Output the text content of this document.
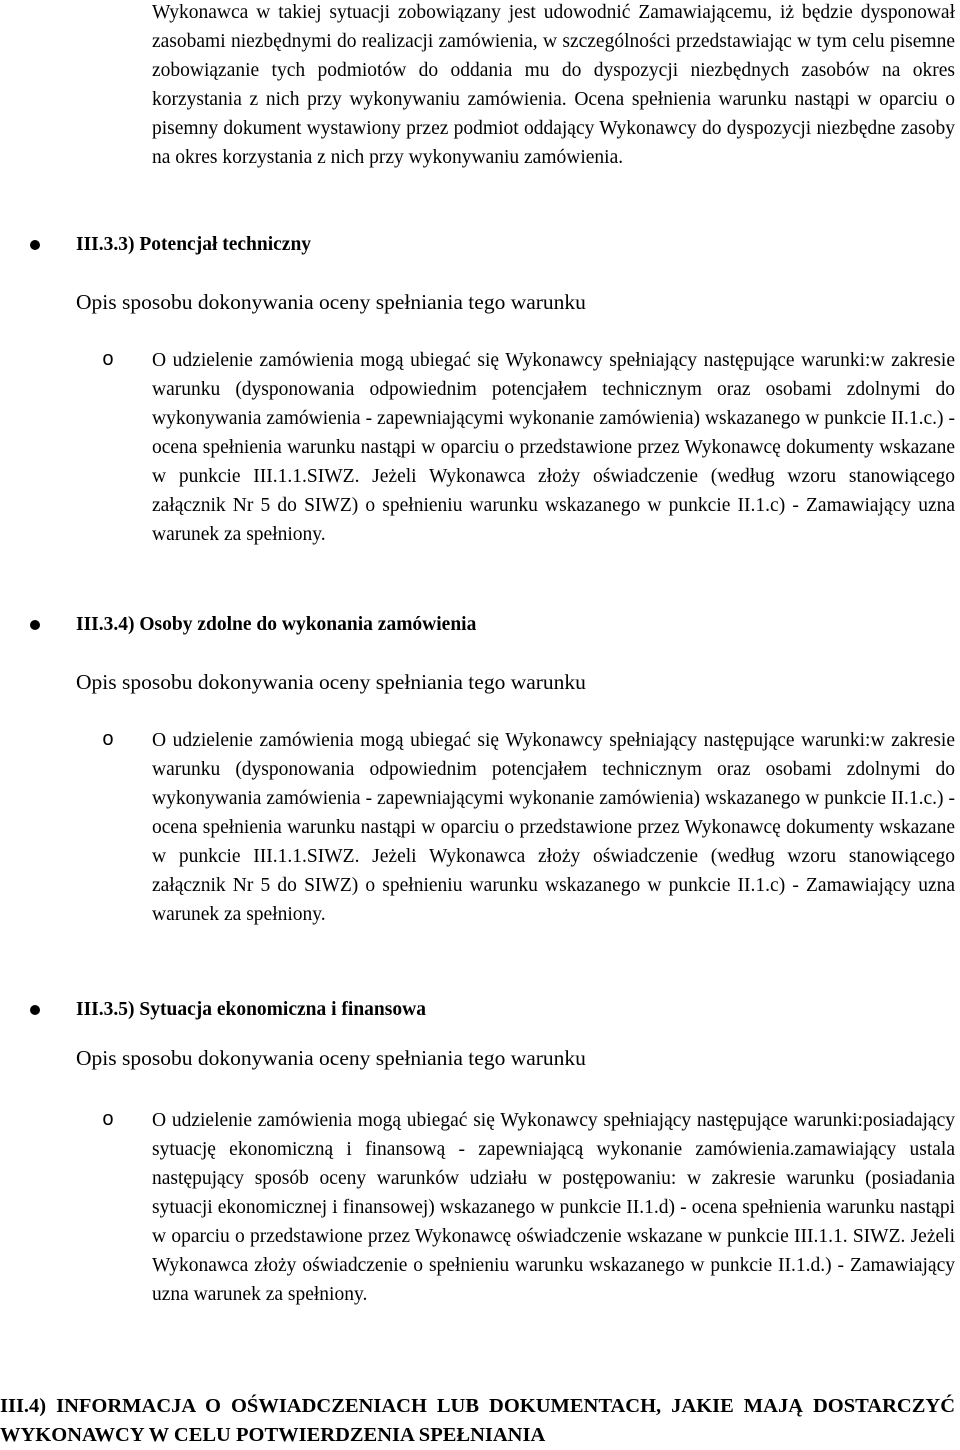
Wykonawca w takiej sytuacji zobowiązany jest udowodnić Zamawiającemu, iż będzie dysponował zasobami niezbędnymi do realizacji zamówienia, w szczególności przedstawiając w tym celu pisemne zobowiązanie tych podmiotów do oddania mu do dyspozycji niezbędnych zasobów na okres korzystania z nich przy wykonywaniu zamówienia. Ocena spełnienia warunku nastąpi w oparciu o pisemny dokument wystawiony przez podmiot oddający Wykonawcy do dyspozycji niezbędne zasoby na okres korzystania z nich przy wykonywaniu zamówienia.

III.3.3) Potencjał techniczny
Opis sposobu dokonywania oceny spełniania tego warunku
o O udzielenie zamówienia mogą ubiegać się Wykonawcy spełniający następujące warunki:w zakresie warunku (dysponowania odpowiednim potencjałem technicznym oraz osobami zdolnymi do wykonywania zamówienia - zapewniającymi wykonanie zamówienia) wskazanego w punkcie II.1.c.) - ocena spełnienia warunku nastąpi w oparciu o przedstawione przez Wykonawcę dokumenty wskazane w punkcie III.1.1.SIWZ. Jeżeli Wykonawca złoży oświadczenie (według wzoru stanowiącego załącznik Nr 5 do SIWZ) o spełnieniu warunku wskazanego w punkcie II.1.c) - Zamawiający uzna warunek za spełniony.

III.3.4) Osoby zdolne do wykonania zamówienia
Opis sposobu dokonywania oceny spełniania tego warunku
o O udzielenie zamówienia mogą ubiegać się Wykonawcy spełniający następujące warunki:w zakresie warunku (dysponowania odpowiednim potencjałem technicznym oraz osobami zdolnymi do wykonywania zamówienia - zapewniającymi wykonanie zamówienia) wskazanego w punkcie II.1.c.) - ocena spełnienia warunku nastąpi w oparciu o przedstawione przez Wykonawcę dokumenty wskazane w punkcie III.1.1.SIWZ. Jeżeli Wykonawca złoży oświadczenie (według wzoru stanowiącego załącznik Nr 5 do SIWZ) o spełnieniu warunku wskazanego w punkcie II.1.c) - Zamawiający uzna warunek za spełniony.

III.3.5) Sytuacja ekonomiczna i finansowa
Opis sposobu dokonywania oceny spełniania tego warunku
o O udzielenie zamówienia mogą ubiegać się Wykonawcy spełniający następujące warunki:posiadający sytuację ekonomiczną i finansową - zapewniającą wykonanie zamówienia.zamawiający ustala następujący sposób oceny warunków udziału w postępowaniu: w zakresie warunku (posiadania sytuacji ekonomicznej i finansowej) wskazanego w punkcie II.1.d) - ocena spełnienia warunku nastąpi w oparciu o przedstawione przez Wykonawcę oświadczenie wskazane w punkcie III.1.1. SIWZ. Jeżeli Wykonawca złoży oświadczenie o spełnieniu warunku wskazanego w punkcie II.1.d.) - Zamawiający uzna warunek za spełniony.

III.4) INFORMACJA O OŚWIADCZENIACH LUB DOKUMENTACH, JAKIE MAJĄ DOSTARCZYĆ WYKONAWCY W CELU POTWIERDZENIA SPEŁNIANIA
